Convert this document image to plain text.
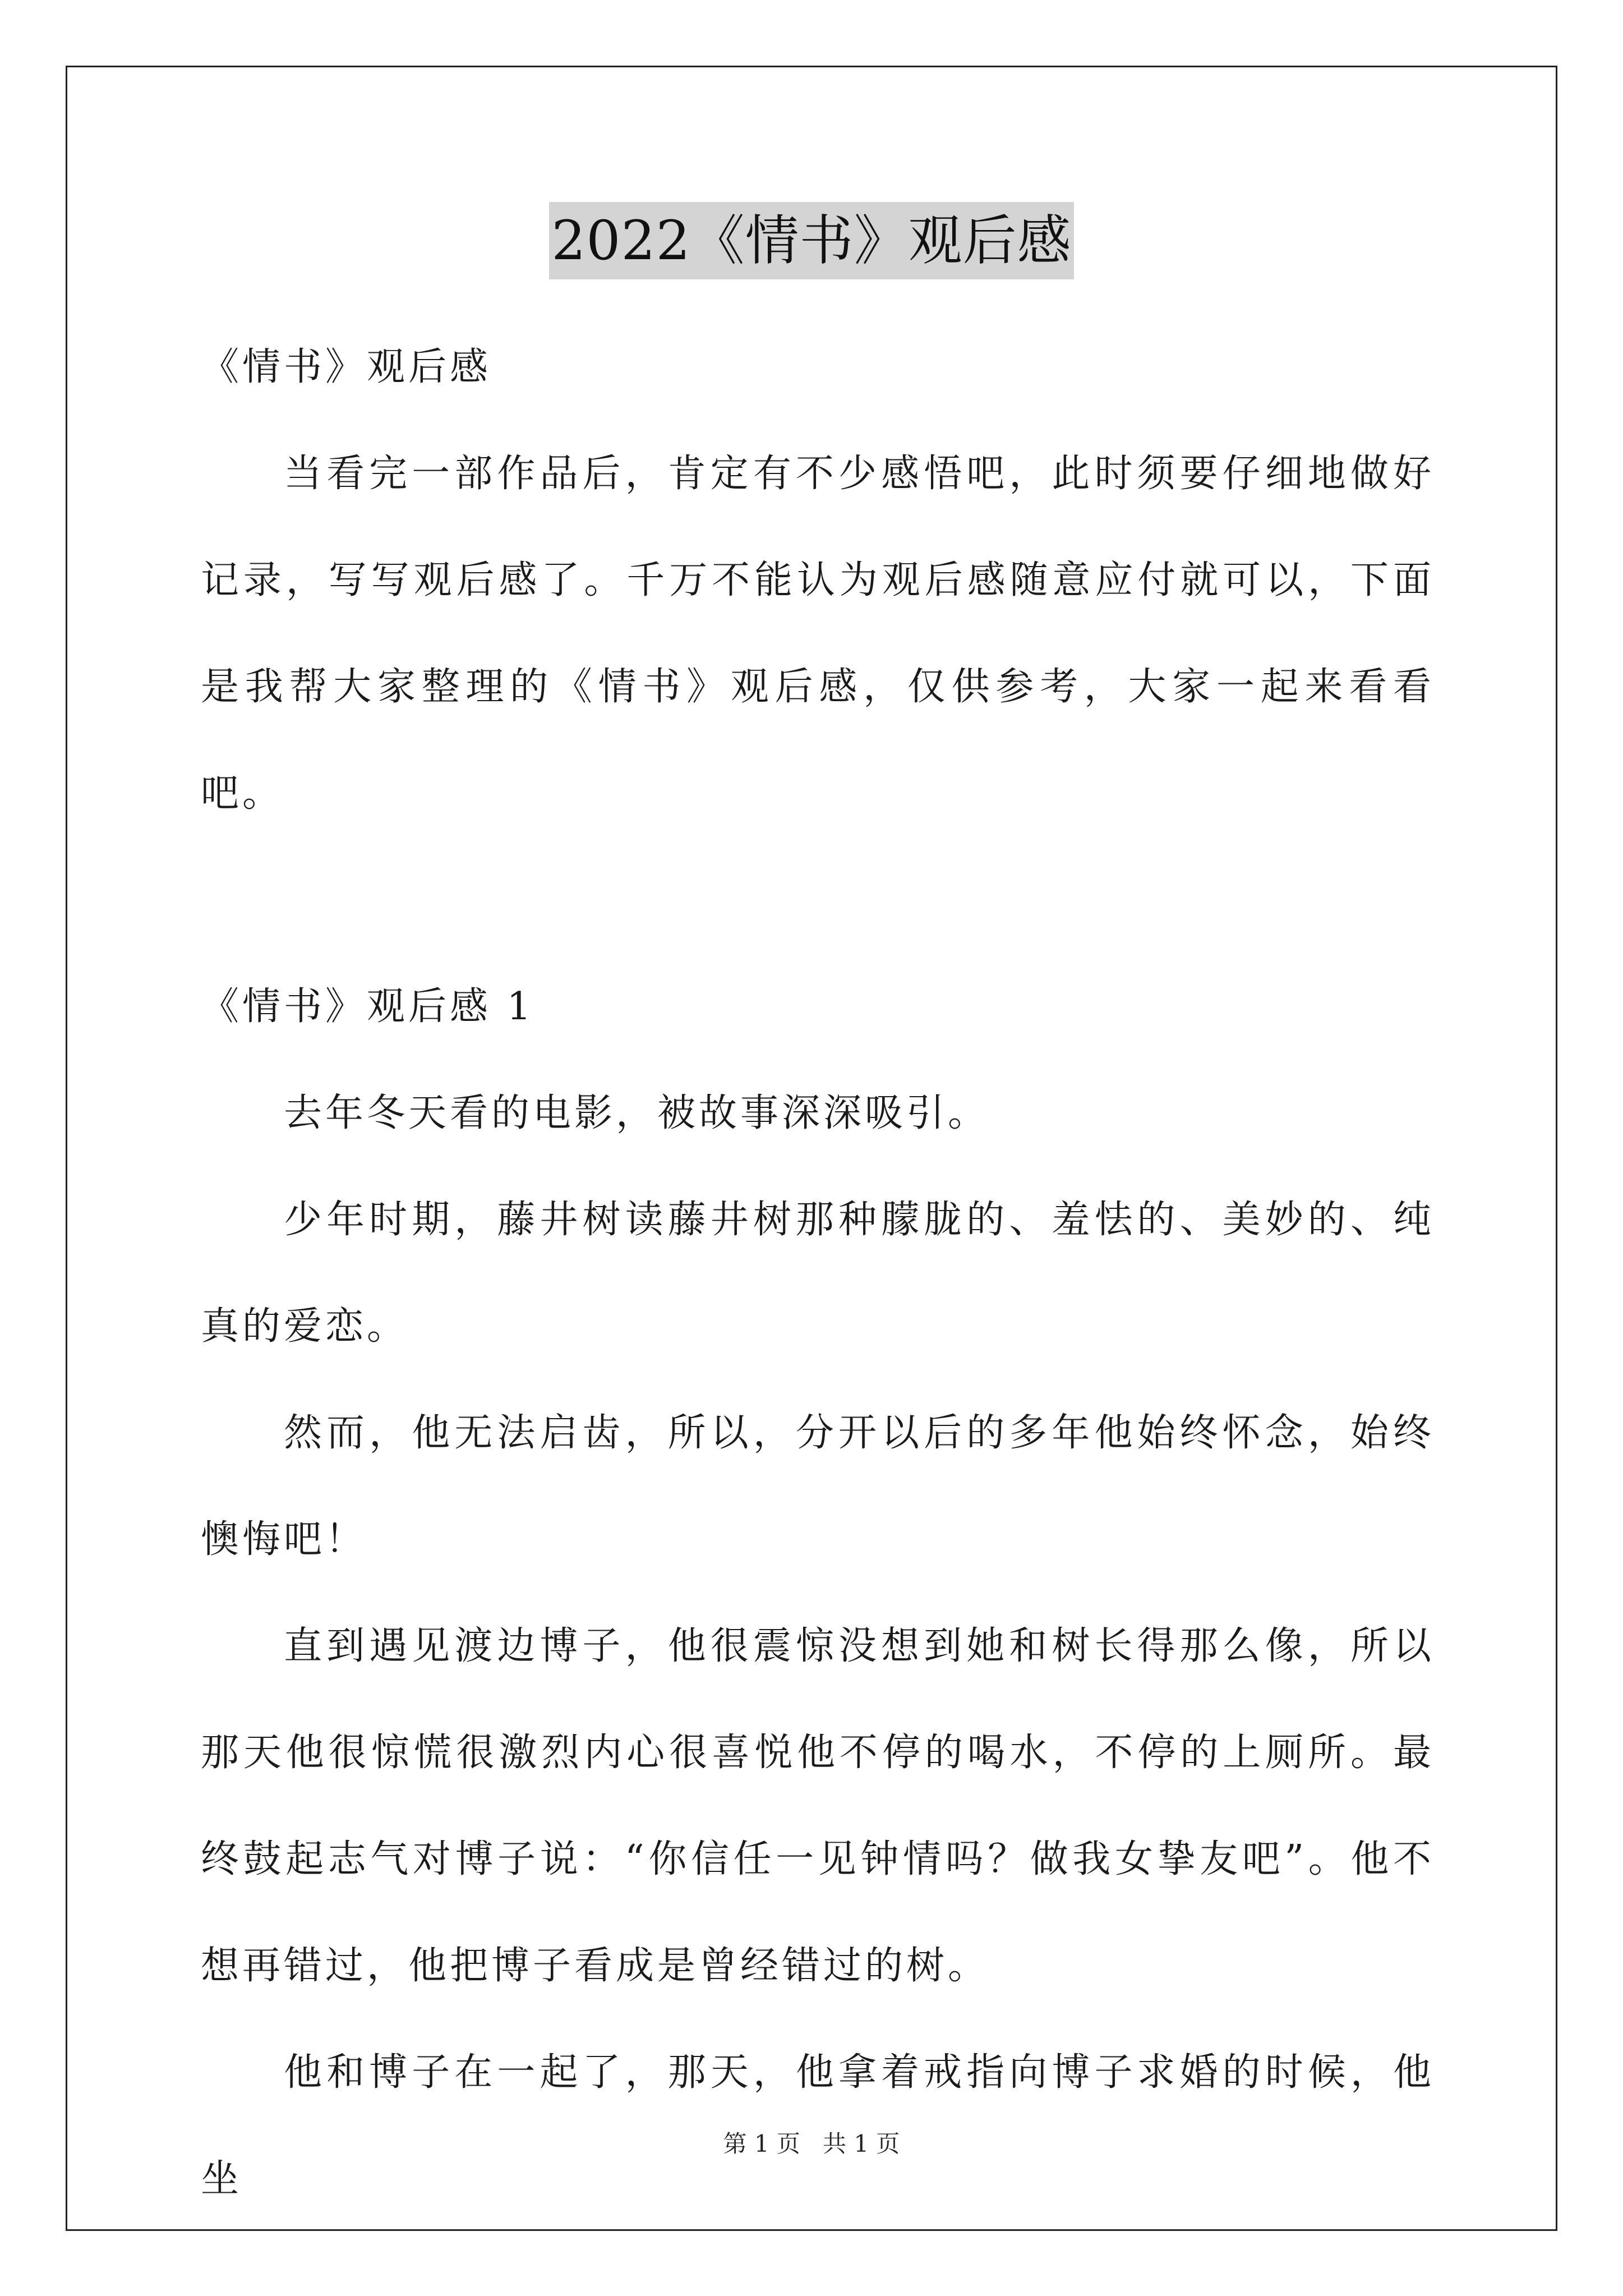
2022《情书》观后感

《情书》观后感

当看完一部作品后，肯定有不少感悟吧，此时须要仔细地做好记录，写写观后感了。千万不能认为观后感随意应付就可以，下面是我帮大家整理的《情书》观后感，仅供参考，大家一起来看看吧。

《情书》观后感 1

去年冬天看的电影，被故事深深吸引。

少年时期，藤井树读藤井树那种朦胧的、羞怯的、美妙的、纯真的爱恋。

然而，他无法启齿，所以，分开以后的多年他始终怀念，始终懊悔吧！

直到遇见渡边博子，他很震惊没想到她和树长得那么像，所以那天他很惊慌很激烈内心很喜悦他不停的喝水，不停的上厕所。最终鼓起志气对博子说：“你信任一见钟情吗？做我女挚友吧”。他不想再错过，他把博子看成是曾经错过的树。

他和博子在一起了，那天，他拿着戒指向博子求婚的时候，他坐

第 1 页 共 1 页
